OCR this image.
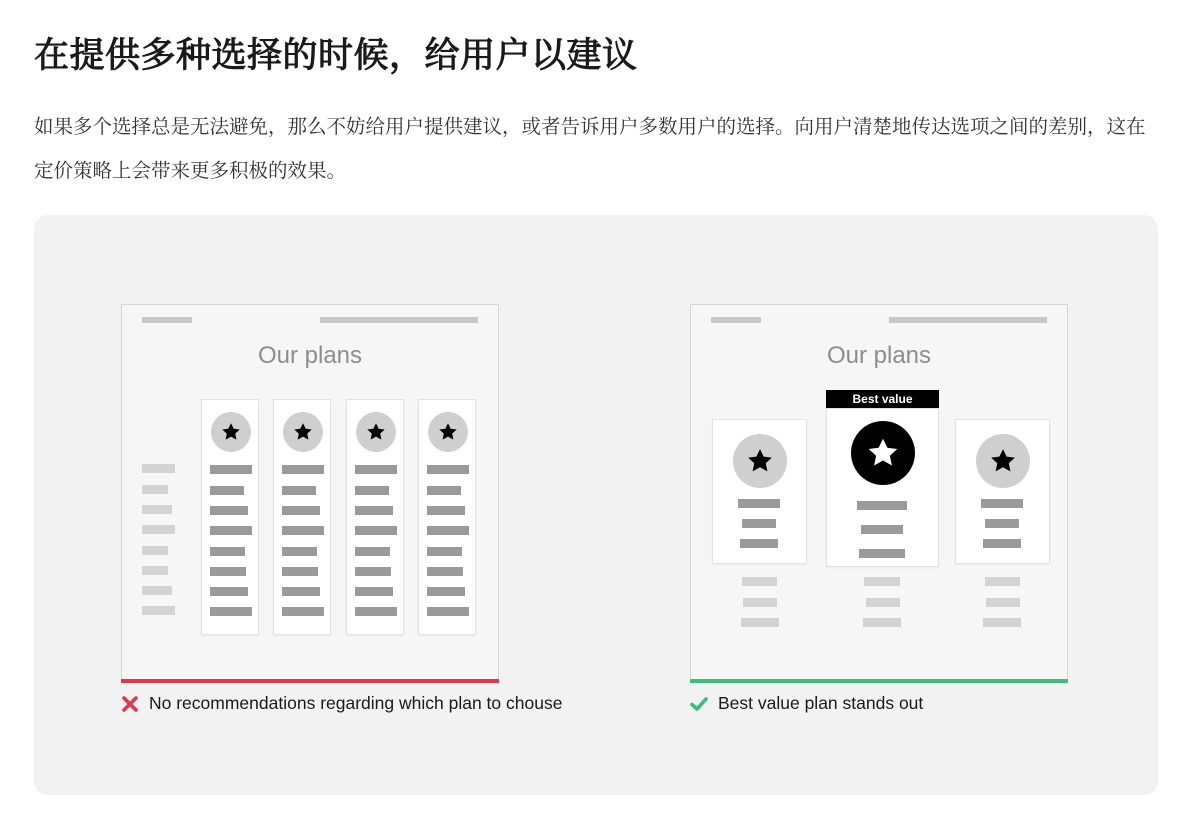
在提供多种选择的时候，给用户以建议
如果多个选择总是无法避免，那么不妨给用户提供建议，或者告诉用户多数用户的选择。向用户清楚地传达选项之间的差别，这在定价策略上会带来更多积极的效果。
Our plans
No recommendations regarding which plan to chouse
Our plans
Best value
Best value plan stands out
